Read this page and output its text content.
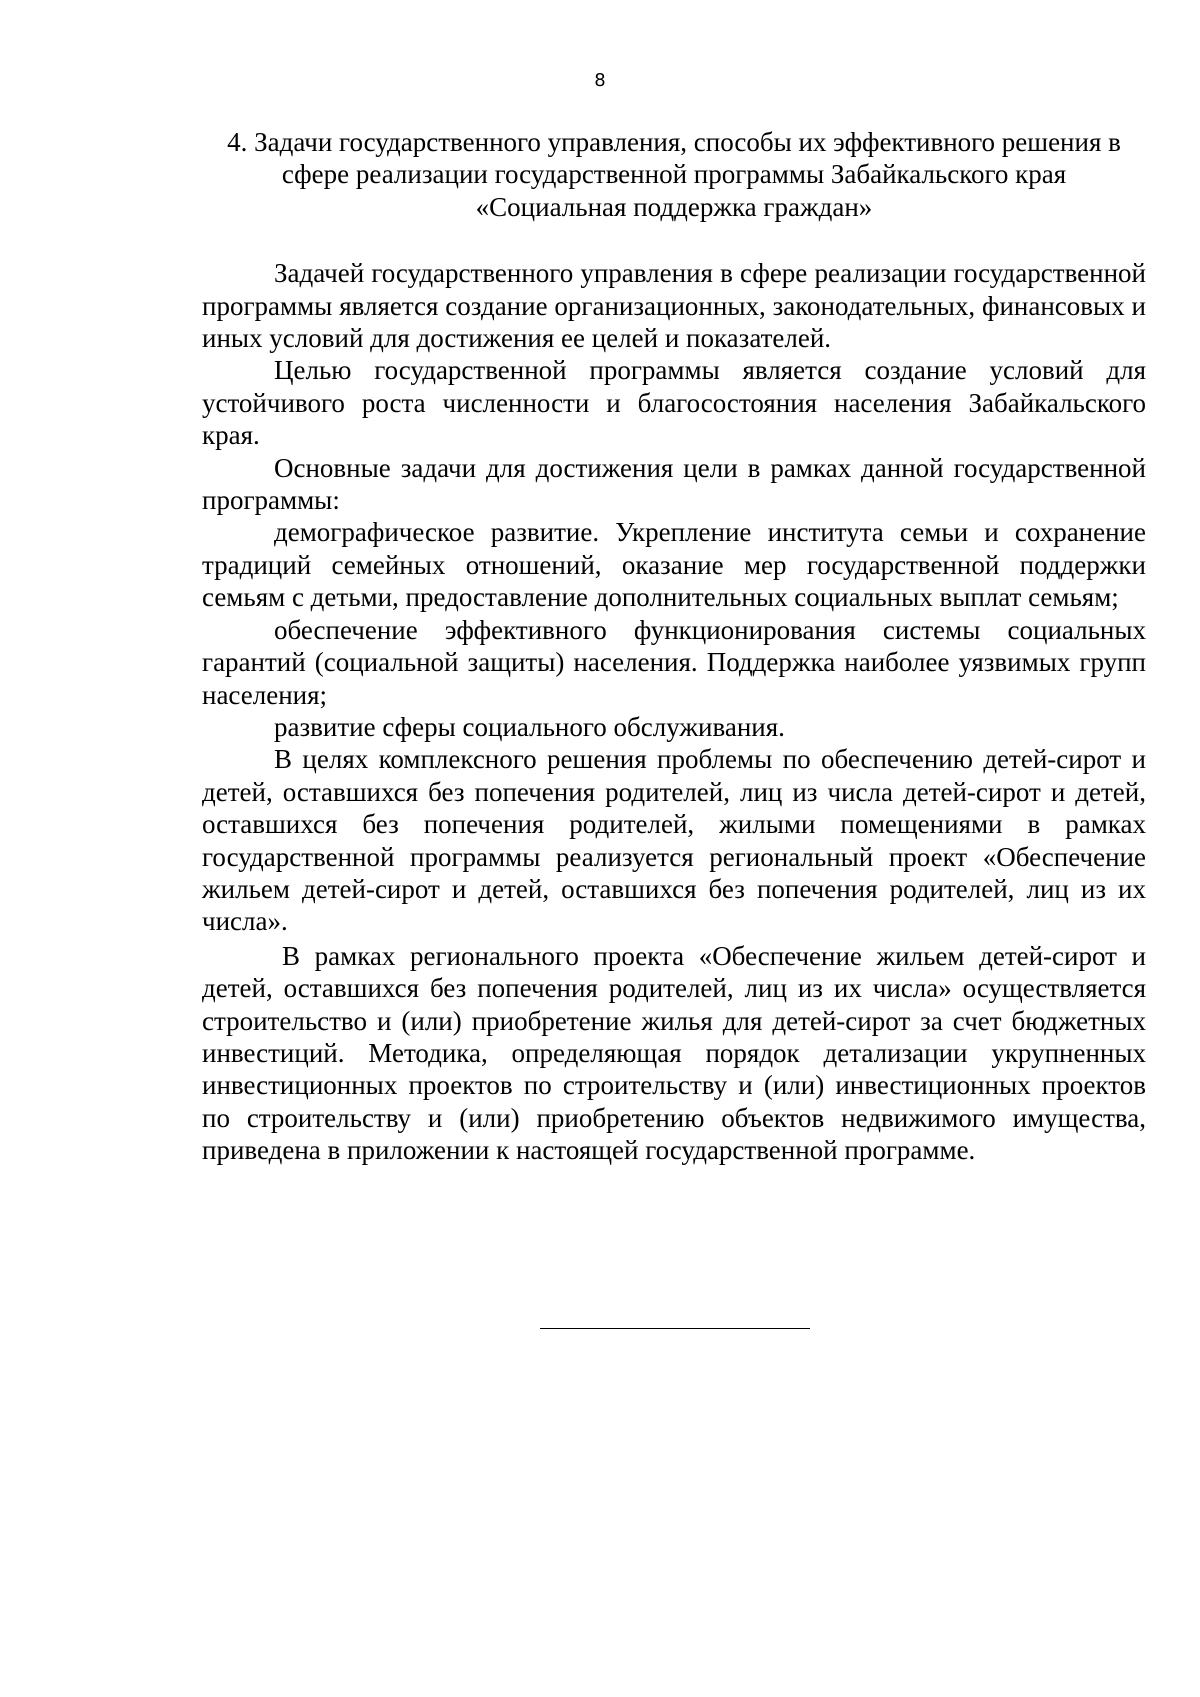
8
4. Задачи государственного управления, способы их эффективного решения в
сфере реализации государственной программы Забайкальского края
«Социальная поддержка граждан»

Задачей государственного управления в сфере реализации государственной программы является создание организационных, законодательных, финансовых и иных условий для достижения ее целей и показателей.

Целью государственной программы является создание условий для устойчивого роста численности и благосостояния населения Забайкальского края.

Основные задачи для достижения цели в рамках данной государственной программы:

демографическое развитие. Укрепление института семьи и сохранение традиций семейных отношений, оказание мер государственной поддержки семьям с детьми, предоставление дополнительных социальных выплат семьям;

обеспечение эффективного функционирования системы социальных гарантий (социальной защиты) населения. Поддержка наиболее уязвимых групп населения;

развитие сферы социального обслуживания.

В целях комплексного решения проблемы по обеспечению детей-сирот и детей, оставшихся без попечения родителей, лиц из числа детей-сирот и детей, оставшихся без попечения родителей, жилыми помещениями в рамках государственной программы реализуется региональный проект «Обеспечение жильем детей-сирот и детей, оставшихся без попечения родителей, лиц из их числа».

В рамках регионального проекта «Обеспечение жильем детей-сирот и детей, оставшихся без попечения родителей, лиц из их числа» осуществляется строительство и (или) приобретение жилья для детей-сирот за счет бюджетных инвестиций. Методика, определяющая порядок детализации укрупненных инвестиционных проектов по строительству и (или) инвестиционных проектов по строительству и (или) приобретению объектов недвижимого имущества, приведена в приложении к настоящей государственной программе.
